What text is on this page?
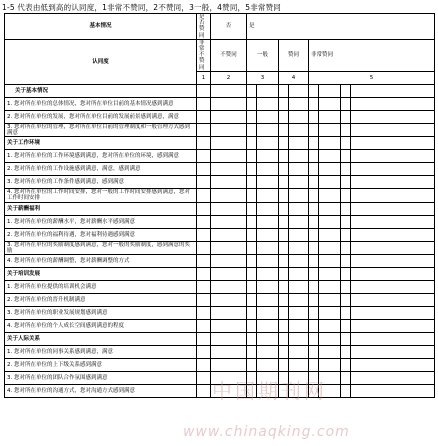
1-5 代表由低到高的认同度，1非常不赞同，2不赞同，3一般，4赞同，5非常赞同
基本情况	是否赞同	否	是							
认同度	非常不赞同	不赞同	一般		赞同		非常赞同			
	1	2	3		4		5			
关于基本情况										
1. 您对所在单位的总体情况，您对所在单位目前的基本情况感到满意										
2. 您对所在单位的发展，您对所在单位目前的发展前景感到满意，满意										
3. 您对所在单位的管理，您对所在单位目前的管理制度和一般管理方式感到满意										
关于工作环境										
1. 您对所在单位的工作环境感到满意，您对所在单位的环境，感到满意										
2. 您对所在单位的工作设施感到满意，满意，感到满意										
3. 您对所在单位的工作条件感到满意，感到满意										
4. 您对所在单位的工作时间安排，您对一般的工作时间安排感到满意，您对工作时间安排										
关于薪酬福利										
1. 您对所在单位的薪酬水平，您对薪酬水平感到满意										
2. 您对所在单位的福利待遇，您对福利待遇感到满意										
3. 您对所在单位的奖励制度感到满意，您对一般的奖励制度，感到满意的奖励										
4. 您对所在单位的薪酬调整，您对薪酬调整的方式										
关于培训发展										
1. 您对所在单位提供的培训机会满意										
2. 您对所在单位的晋升机制满意										
3. 您对所在单位的职业发展规划感到满意										
4. 您对所在单位的个人成长空间感到满意的程度										
关于人际关系										
1. 您对所在单位的同事关系感到满意，满意										
2. 您对所在单位的上下级关系感到满意										
3. 您对所在单位的团队合作氛围感到满意										
4. 您对所在单位的沟通方式，您对沟通方式感到满意											中国期刊网
www.chinaqking.com
